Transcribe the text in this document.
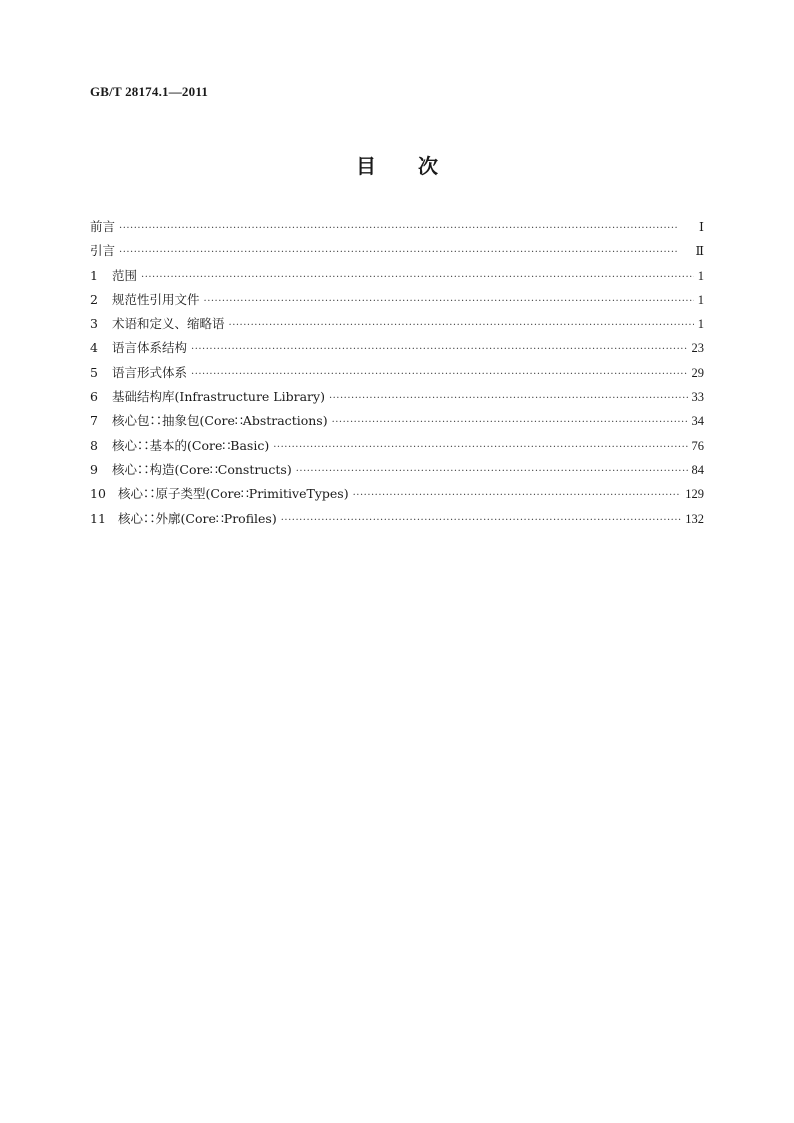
GB/T 28174.1—2011
目 次
前言 ·····	Ⅰ
引言 ·····	Ⅱ
1	范围 ·····	1
2	规范性引用文件 ·····	1
3	术语和定义、缩略语 ·····	1
4	语言体系结构 ·····	23
5	语言形式体系 ·····	29
6	基础结构库(Infrastructure Library) ·····	33
7	核心包∷抽象包(Core∷Abstractions) ·····	34
8	核心∷基本的(Core∷Basic) ·····	76
9	核心∷构造(Core∷Constructs) ·····	84
10 核心∷原子类型(Core∷PrimitiveTypes) ·····	129
11 核心∷外廓(Core∷Profiles) ·····	132
